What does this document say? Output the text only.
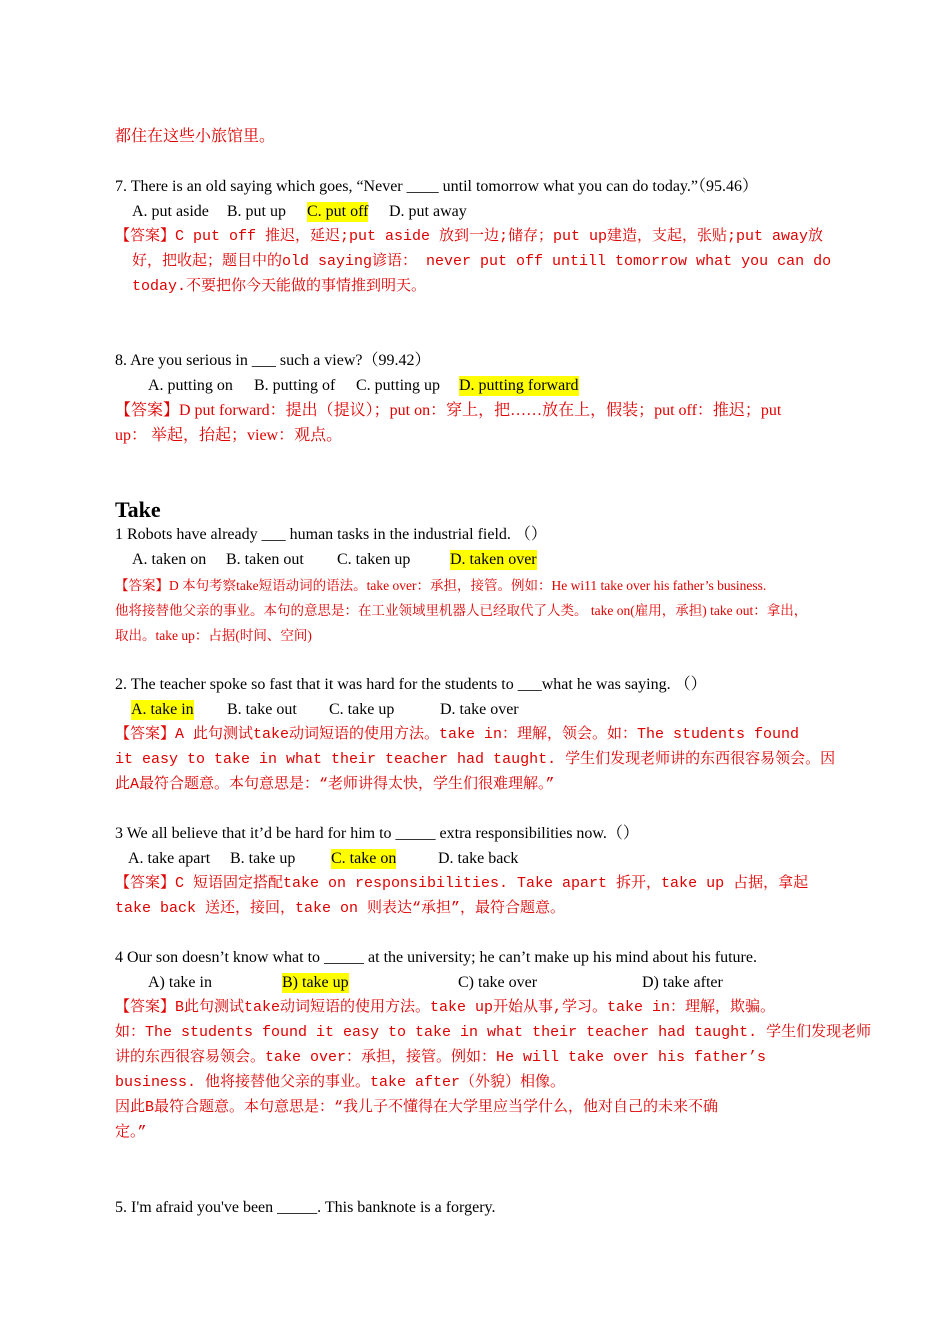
都住在这些小旅馆里。
7. There is an old saying which goes, “Never ____ until tomorrow what you can do today.”（95.46）
A. put aside B. put up C. put off D. put away
【答案】C put off 推迟，延迟;put aside 放到一边;储存；put up建造，支起，张贴;put away放
好，把收起；题目中的old saying谚语： never put off untill tomorrow what you can do
today.不要把你今天能做的事情推到明天。
8. Are you serious in ___ such a view?（99.42）
A. putting on B. putting of C. putting up D. putting forward
【答案】D put forward：提出（提议）；put on：穿上，把……放在上，假装；put off：推迟；put
up： 举起，抬起；view：观点。
Take
1 Robots have already ___ human tasks in the industrial field. （）
A. taken on B. taken out C. taken up D. taken over
【答案】D 本句考察take短语动词的语法。take over：承担，接管。例如：He wi11 take over his father’s business.
他将接替他父亲的事业。本句的意思是：在工业领域里机器人已经取代了人类。 take on(雇用，承担) take out：拿出，
取出。take up：占据(时间、空间)
2. The teacher spoke so fast that it was hard for the students to ___what he was saying. （）
A. take in B. take out C. take up	D. take over
【答案】A 此句测试take动词短语的使用方法。take in：理解，领会。如：The students found
it easy to take in what their teacher had taught. 学生们发现老师讲的东西很容易领会。因
此A最符合题意。本句意思是：“老师讲得太快，学生们很难理解。”
3 We all believe that it’d be hard for him to _____ extra responsibilities now.（）
A. take apart B. take up C. take on	D. take back
【答案】C 短语固定搭配take on responsibilities. Take apart 拆开，take up 占据，拿起
take back 送还，接回，take on 则表达“承担”，最符合题意。
4 Our son doesn’t know what to _____ at the university; he can’t make up his mind about his future.
A) take in	B) take up	C) take over	D) take after
【答案】B此句测试take动词短语的使用方法。take up开始从事,学习。take in：理解，欺骗。
如：The students found it easy to take in what their teacher had taught. 学生们发现老师
讲的东西很容易领会。take over：承担，接管。例如：He will take over his father’s
business. 他将接替他父亲的事业。take after（外貌）相像。
因此B最符合题意。本句意思是：“我儿子不懂得在大学里应当学什么，他对自己的未来不确
定。”
5. I'm afraid you've been _____. This banknote is a forgery.
